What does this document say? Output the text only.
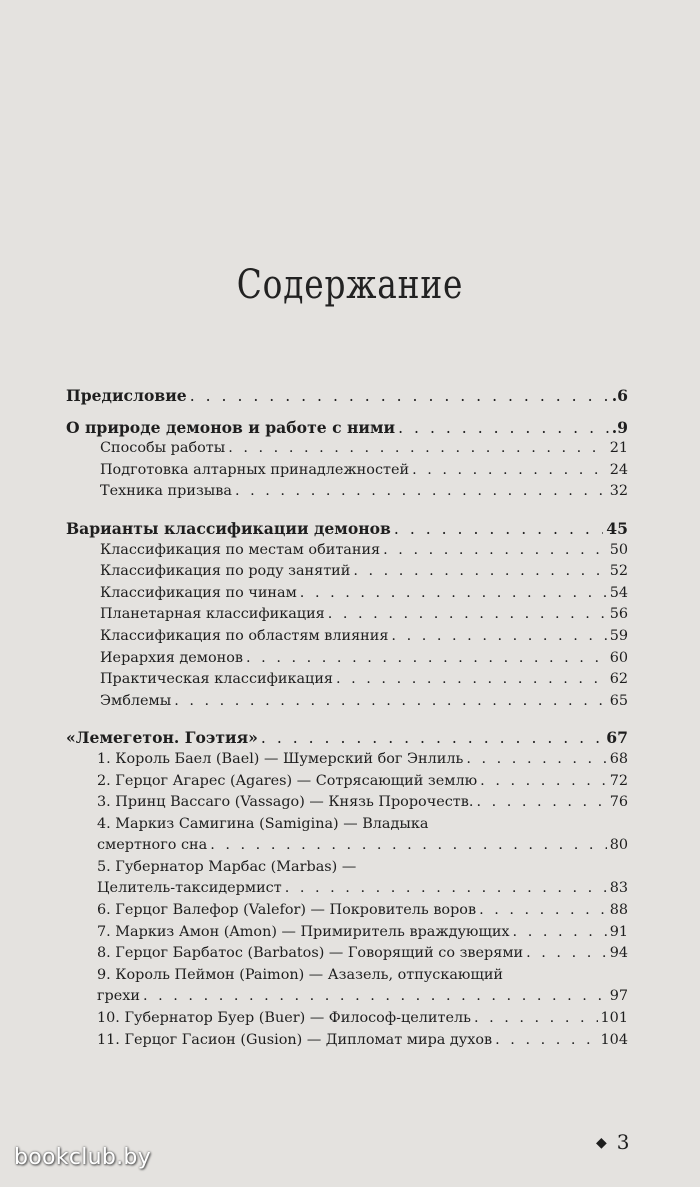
Содержание
Предисловие . . .	.6
О природе демонов и работе с ними . . .	.9
Способы работы . . .	21
Подготовка алтарных принадлежностей . . .	24
Техника призыва . . .	32
Варианты классификации демонов . . .	45
Классификация по местам обитания . . .	50
Классификация по роду занятий . . .	52
Классификация по чинам . . .	54
Планетарная классификация . . .	56
Классификация по областям влияния . . .	59
Иерархия демонов . . .	60
Практическая классификация . . .	62
Эмблемы . . .	65
«Лемегетон. Гоэтия» . . .	67
1. Король Баел (Bael) — Шумерский бог Энлиль . . .	68
2. Герцог Агарес (Agares) — Сотрясающий землю . . .	72
3. Принц Вассаго (Vassago) — Князь Пророчеств. . . .	76
4. Маркиз Самигина (Samigina) — Владыка
смертного сна . . .	80
5. Губернатор Марбас (Marbas) —
Целитель-таксидермист . . .	83
6. Герцог Валефор (Valefor) — Покровитель воров . . .	88
7. Маркиз Амон (Amon) — Примиритель враждующих . . .	91
8. Герцог Барбатос (Barbatos) — Говорящий со зверями . . .	94
9. Король Пеймон (Paimon) — Азазель, отпускающий
грехи . . .	97
10. Губернатор Буер (Buer) — Философ-целитель . . .	101
11. Герцог Гасион (Gusion) — Дипломат мира духов . . .	104
◆ 3
bookclub.by
